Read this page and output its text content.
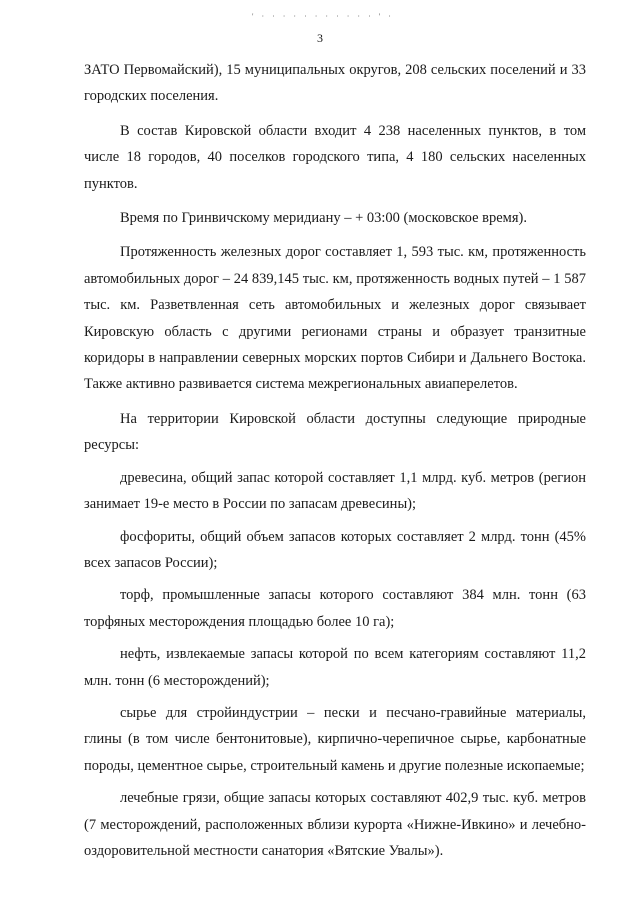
' · · · · · · · · · · · ' ·
3

ЗАТО Первомайский), 15 муниципальных округов, 208 сельских поселений и 33 городских поселения.

В состав Кировской области входит 4 238 населенных пунктов, в том числе 18 городов, 40 поселков городского типа, 4 180 сельских населенных пунктов.

Время по Гринвичскому меридиану – + 03:00 (московское время).

Протяженность железных дорог составляет 1, 593 тыс. км, протяженность автомобильных дорог – 24 839,145 тыс. км, протяженность водных путей – 1 587 тыс. км. Разветвленная сеть автомобильных и железных дорог связывает Кировскую область с другими регионами страны и образует транзитные коридоры в направлении северных морских портов Сибири и Дальнего Востока. Также активно развивается система межрегиональных авиаперелетов.

На территории Кировской области доступны следующие природные ресурсы:

древесина, общий запас которой составляет 1,1 млрд. куб. метров (регион занимает 19-е место в России по запасам древесины);

фосфориты, общий объем запасов которых составляет 2 млрд. тонн (45% всех запасов России);

торф, промышленные запасы которого составляют 384 млн. тонн (63 торфяных месторождения площадью более 10 га);

нефть, извлекаемые запасы которой по всем категориям составляют 11,2 млн. тонн (6 месторождений);

сырье для стройиндустрии – пески и песчано-гравийные материалы, глины (в том числе бентонитовые), кирпично-черепичное сырье, карбонатные породы, цементное сырье, строительный камень и другие полезные ископаемые;

лечебные грязи, общие запасы которых составляют 402,9 тыс. куб. метров (7 месторождений, расположенных вблизи курорта «Нижне-Ивкино» и лечебно-оздоровительной местности санатория «Вятские Увалы»).
